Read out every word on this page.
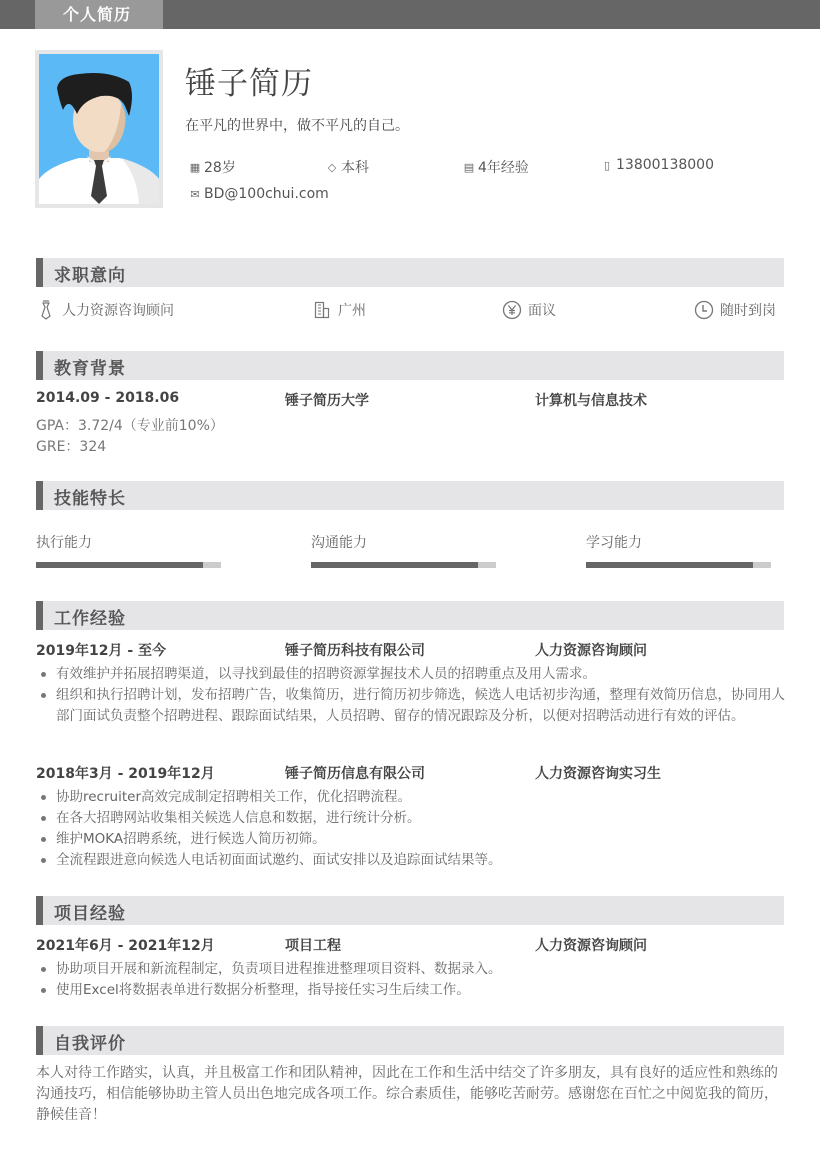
个人简历
锤子简历
在平凡的世界中，做不平凡的自己。
▦ 28岁	◇ 本科	▤ 4年经验	▯ 13800138000
✉ BD@100chui.com
求职意向
人力资源咨询顾问	广州	面议	随时到岗
教育背景
2014.09 - 2018.06	锤子简历大学	计算机与信息技术
GPA：3.72/4（专业前10%）
GRE：324
技能特长
执行能力	沟通能力	学习能力
工作经验
2019年12月 - 至今	锤子简历科技有限公司	人力资源咨询顾问
有效维护并拓展招聘渠道，以寻找到最佳的招聘资源掌握技术人员的招聘重点及用人需求。
组织和执行招聘计划，发布招聘广告，收集简历，进行简历初步筛选，候选人电话初步沟通，整理有效简历信息，协同用人部门面试负责整个招聘进程、跟踪面试结果，人员招聘、留存的情况跟踪及分析，以便对招聘活动进行有效的评估。
2018年3月 - 2019年12月	锤子简历信息有限公司	人力资源咨询实习生
协助recruiter高效完成制定招聘相关工作，优化招聘流程。
在各大招聘网站收集相关候选人信息和数据，进行统计分析。
维护MOKA招聘系统，进行候选人简历初筛。
全流程跟进意向候选人电话初面面试邀约、面试安排以及追踪面试结果等。
项目经验
2021年6月 - 2021年12月	项目工程	人力资源咨询顾问
协助项目开展和新流程制定，负责项目进程推进整理项目资料、数据录入。
使用Excel将数据表单进行数据分析整理，指导接任实习生后续工作。
自我评价
本人对待工作踏实，认真，并且极富工作和团队精神，因此在工作和生活中结交了许多朋友，具有良好的适应性和熟练的沟通技巧，相信能够协助主管人员出色地完成各项工作。综合素质佳，能够吃苦耐劳。感谢您在百忙之中阅览我的简历，静候佳音！
